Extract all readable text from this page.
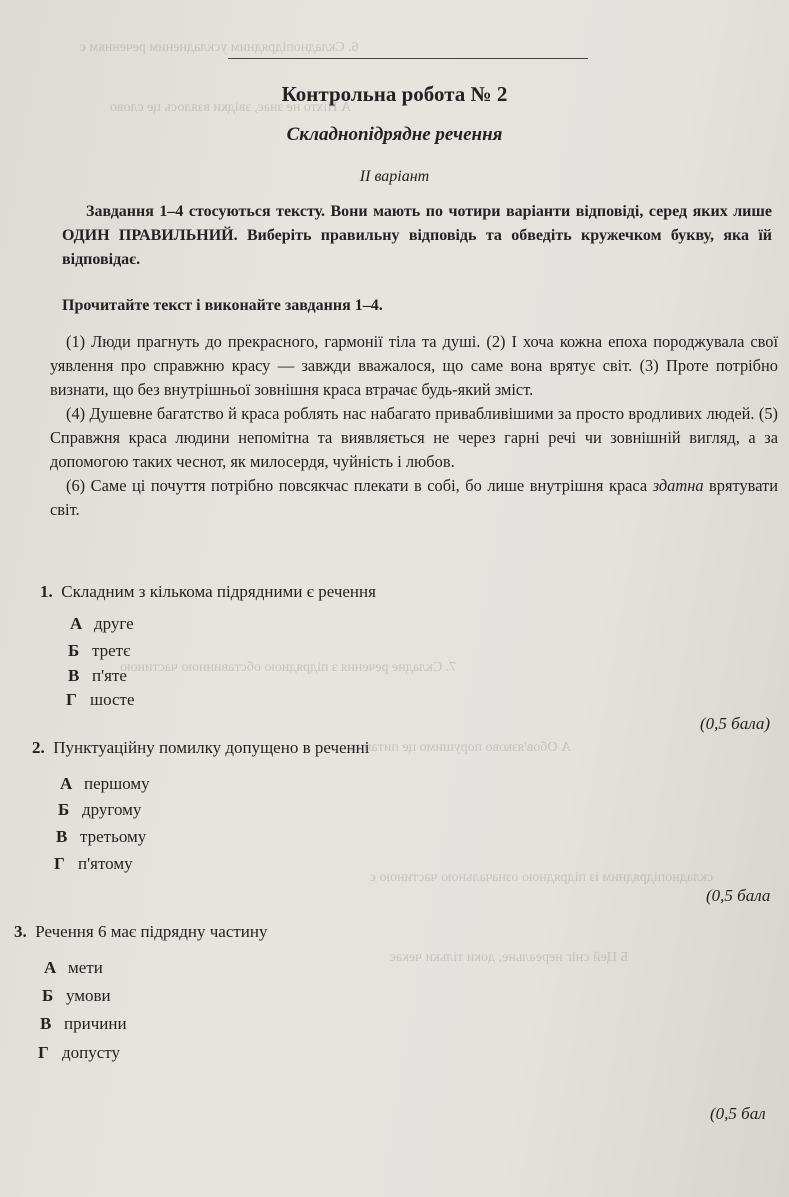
6. Складнопідрядним ускладненим реченням є
А Ніхто не знає, звідки взялось це слово
7. Складне речення з підрядною обставинною частиною
А Обов'язково порушимо це питання
складнопідрядним із підрядною означальною частиною є
Б Цей сніг нереальне, доки тільки чекає
Контрольна робота № 2
Складнопідрядне речення
ІІ варіант
Завдання 1–4 стосуються тексту. Вони мають по чотири варіанти відповіді, серед яких лише ОДИН ПРАВИЛЬНИЙ. Виберіть правильну відповідь та обведіть кружечком букву, яка їй відповідає.
Прочитайте текст і виконайте завдання 1–4.

(1) Люди прагнуть до прекрасного, гармонії тіла та душі. (2) І хоча кожна епоха породжувала свої уявлення про справжню красу — завжди вважалося, що саме вона врятує світ. (3) Проте потрібно визнати, що без внутрішньої зовнішня краса втрачає будь-який зміст.

(4) Душевне багатство й краса роблять нас набагато привабливішими за просто вродливих людей. (5) Справжня краса людини непомітна та виявляється не через гарні речі чи зовнішній вигляд, а за допомогою таких чеснот, як милосердя, чуйність і любов.

(6) Саме ці почуття потрібно повсякчас плекати в собі, бо лише внутрішня краса здатна врятувати світ.

1. Складним з кількома підрядними є речення
А друге
Б третє
В п'яте
Г шосте
(0,5 бала)
2. Пунктуаційну помилку допущено в реченні
А першому
Б другому
В третьому
Г п'ятому
(0,5 бала
3. Речення 6 має підрядну частину
А мети
Б умови
В причини
Г допусту
(0,5 бал
